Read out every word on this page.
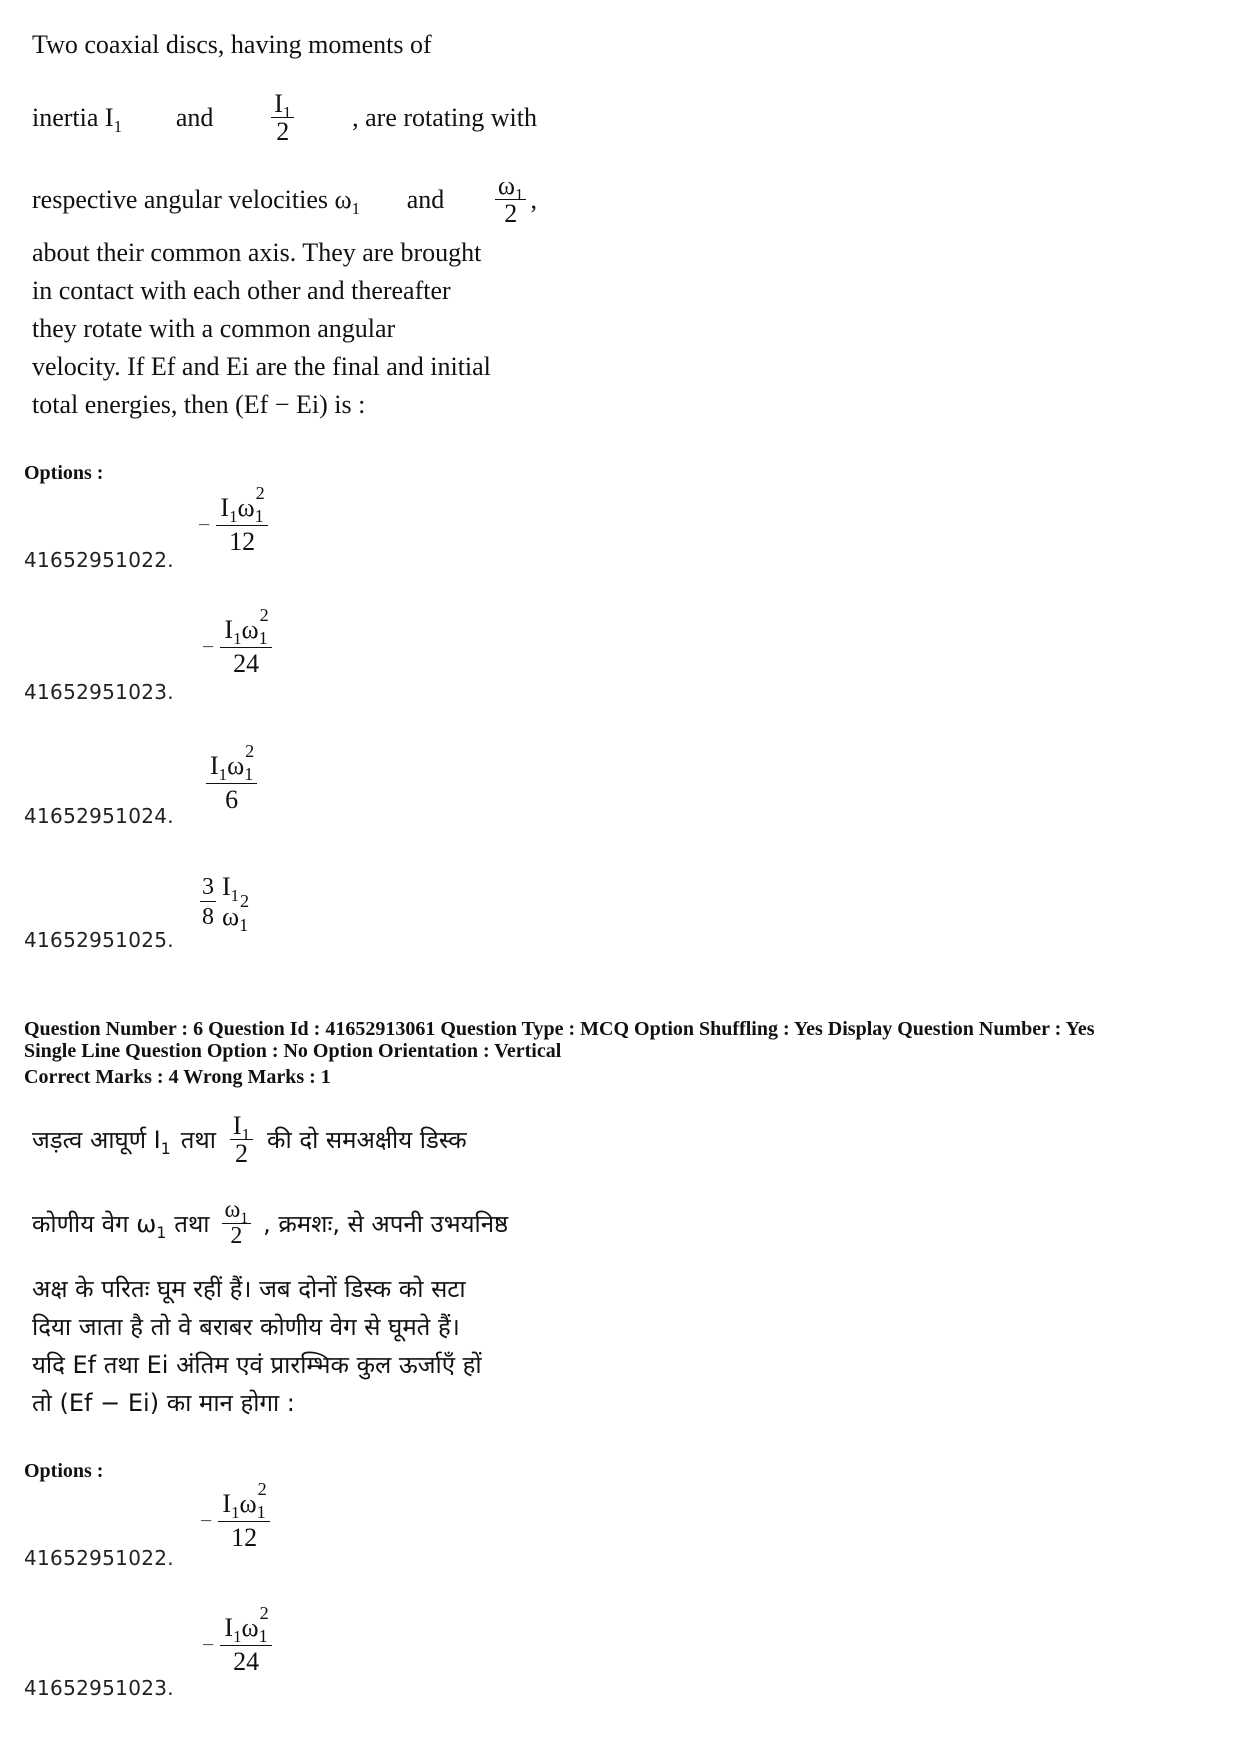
Two coaxial discs, having moments of
inertia $I_1$ and $\frac{I_1}{2}$ , are rotating with
respective angular velocities $\omega_1$ and $\frac{\omega_1}{2}$ ,
about their common axis. They are brought
in contact with each other and thereafter
they rotate with a common angular
velocity. If Ef and Ei are the final and initial
total energies, then (Ef − Ei) is :
Options :
− $I_1\omega_1$
2
12
41652951022.
− $I_1\omega_1$
2
24
41652951023.
$I_1\omega_1$
2
6
41652951024.
$\frac{3}{8} I_1\omega_1$
2
41652951025.
Question Number : 6 Question Id : 41652913061 Question Type : MCQ Option Shuffling : Yes Display Question Number : Yes
Single Line Question Option : No Option Orientation : Vertical
Correct Marks : 4 Wrong Marks : 1
जड़त्व आघूर्ण $I_1$ तथा $\frac{I_1}{2}$ की दो समअक्षीय डिस्क
कोणीय वेग $\omega_1$ तथा $\frac{\omega_1}{2}$ , क्रमशः, से अपनी उभयनिष्ठ
अक्ष के परितः घूम रहीं हैं। जब दोनों डिस्क को सटा
दिया जाता है तो वे बराबर कोणीय वेग से घूमते हैं।
यदि Ef तथा Ei अंतिम एवं प्रारम्भिक कुल ऊर्जाएँ हों
तो (Ef − Ei) का मान होगा :
Options :
− $I_1\omega_1$
2
12
41652951022.
− $I_1\omega_1$
2
24
41652951023.
